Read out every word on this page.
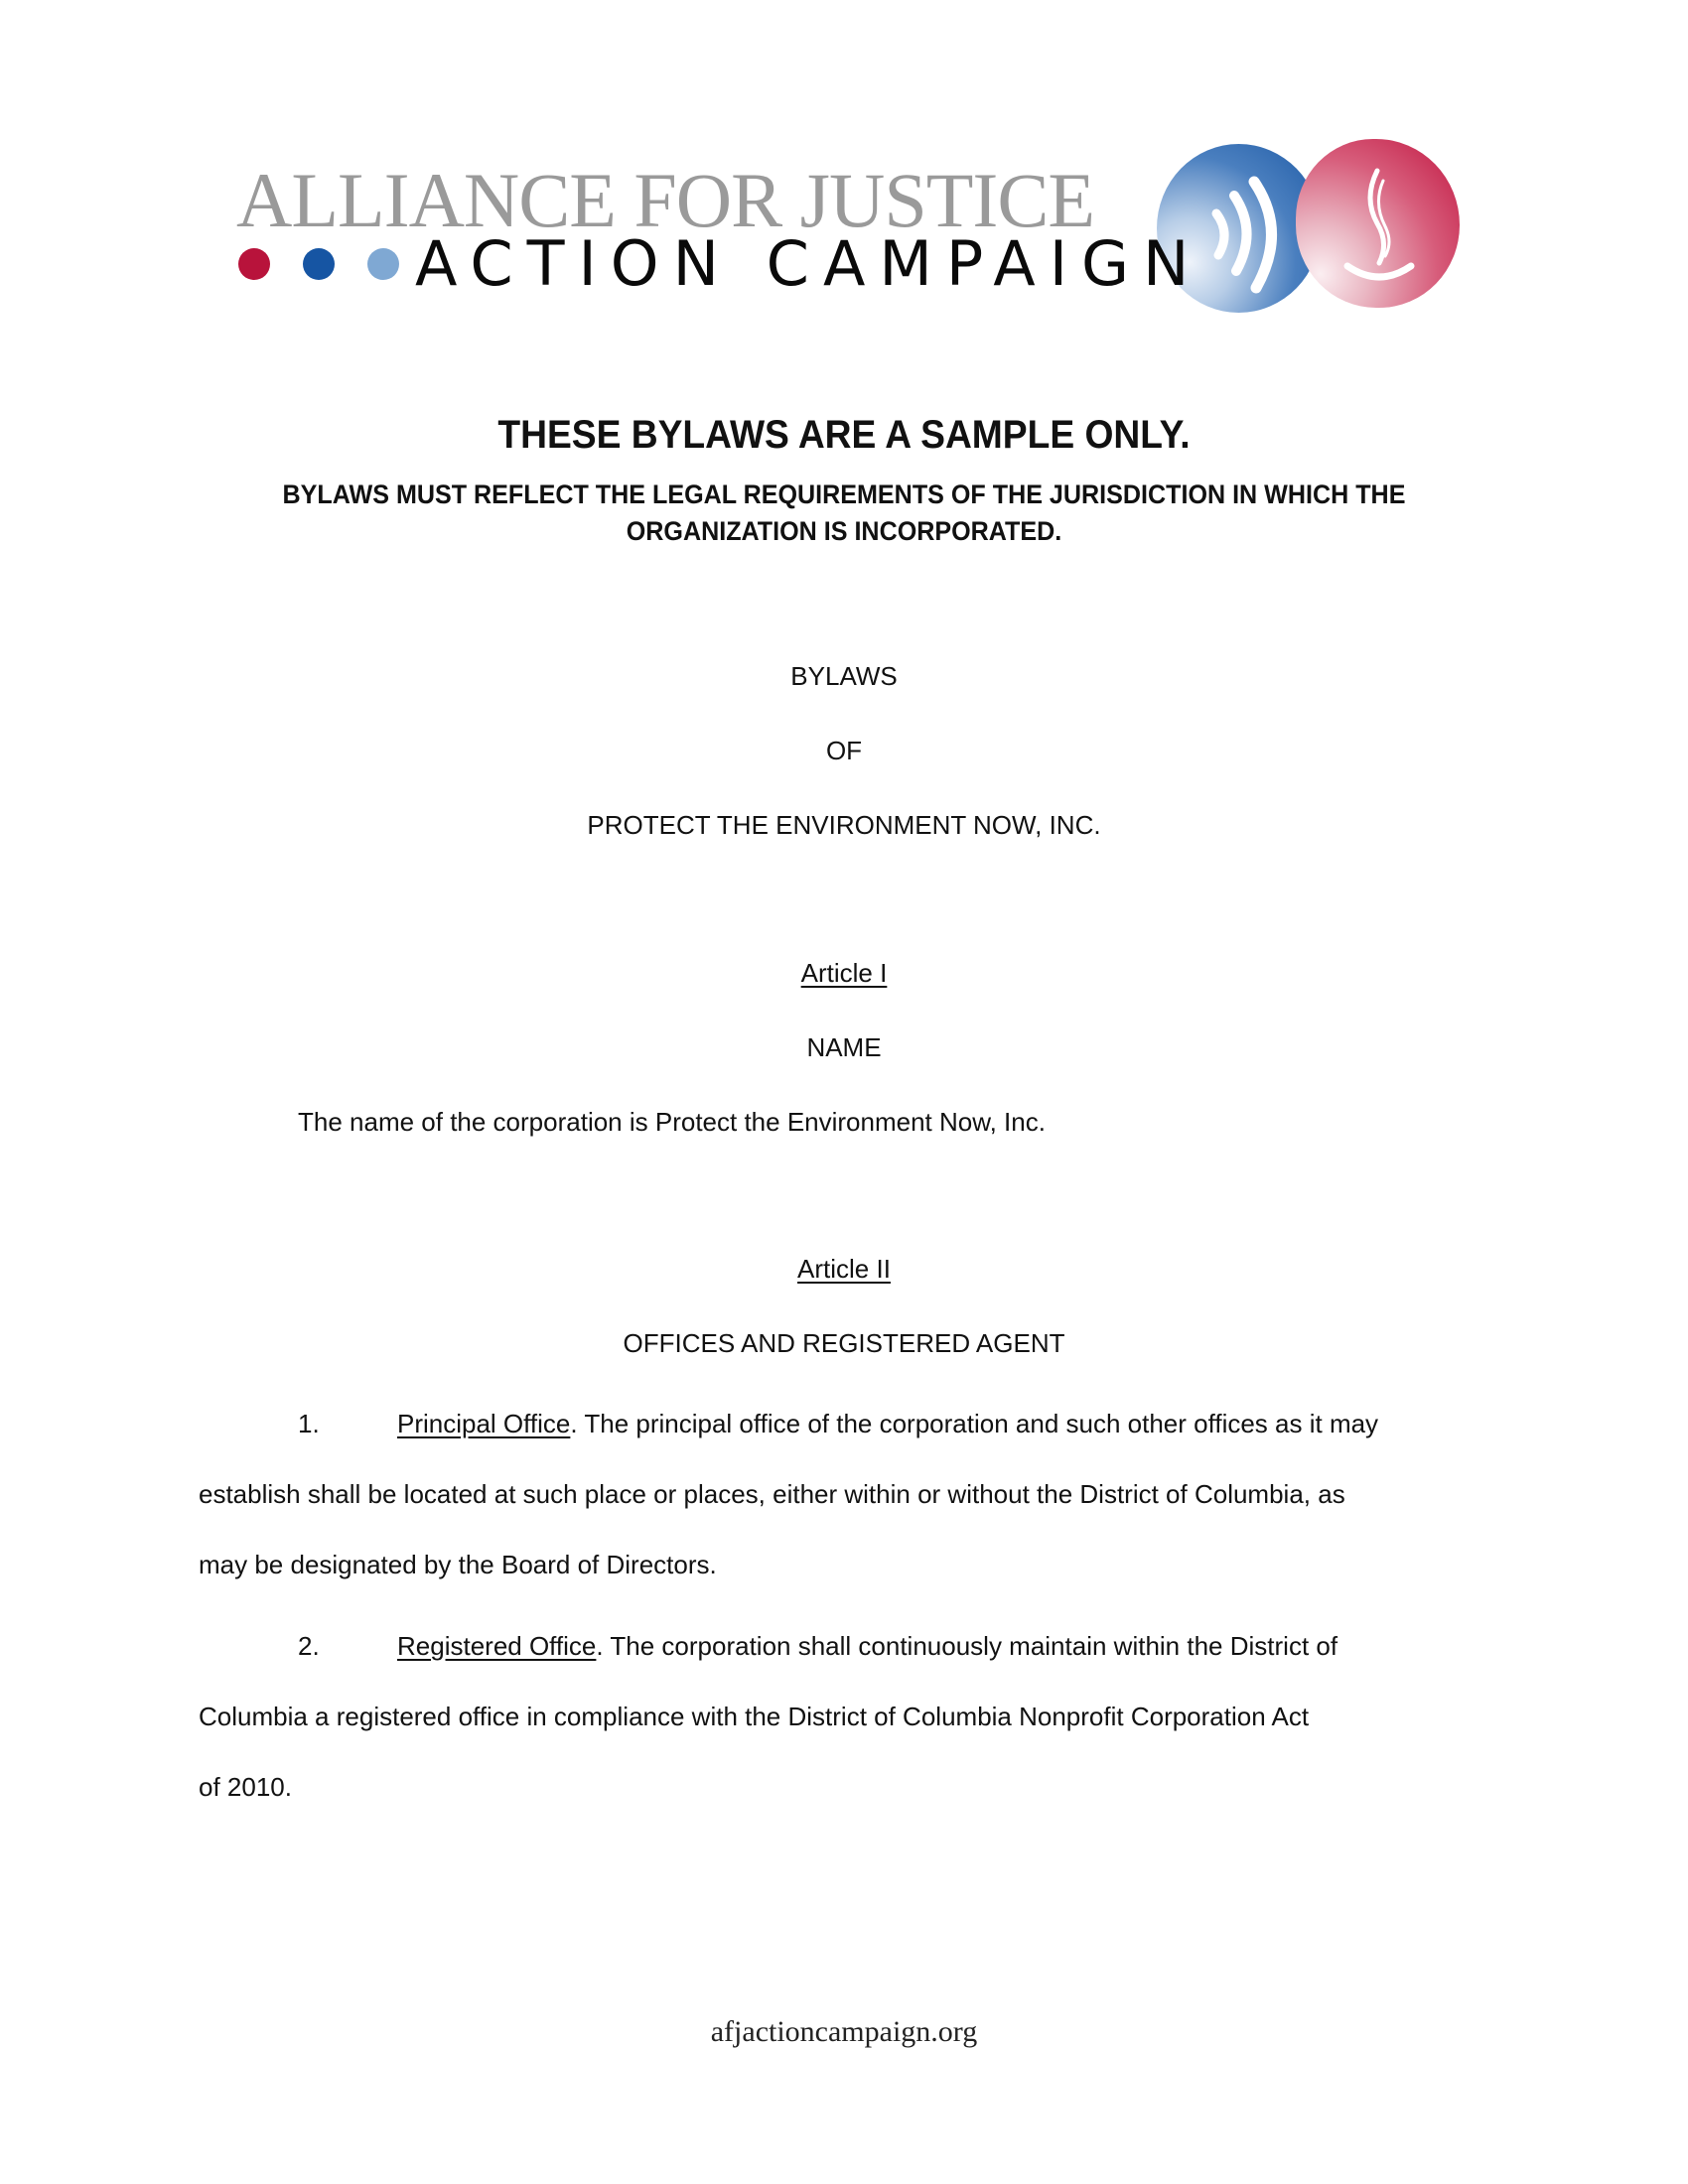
ALLIANCE FOR JUSTICE
ACTION CAMPAIGN
THESE BYLAWS ARE A SAMPLE ONLY.
BYLAWS MUST REFLECT THE LEGAL REQUIREMENTS OF THE JURISDICTION IN WHICH THE ORGANIZATION IS INCORPORATED.
BYLAWS
OF
PROTECT THE ENVIRONMENT NOW, INC.
Article I
NAME
The name of the corporation is Protect the Environment Now, Inc.
Article II
OFFICES AND REGISTERED AGENT
1.	Principal Office. The principal office of the corporation and such other offices as it may
establish shall be located at such place or places, either within or without the District of Columbia, as
may be designated by the Board of Directors.
2.	Registered Office. The corporation shall continuously maintain within the District of
Columbia a registered office in compliance with the District of Columbia Nonprofit Corporation Act
of 2010.
afjactioncampaign.org
